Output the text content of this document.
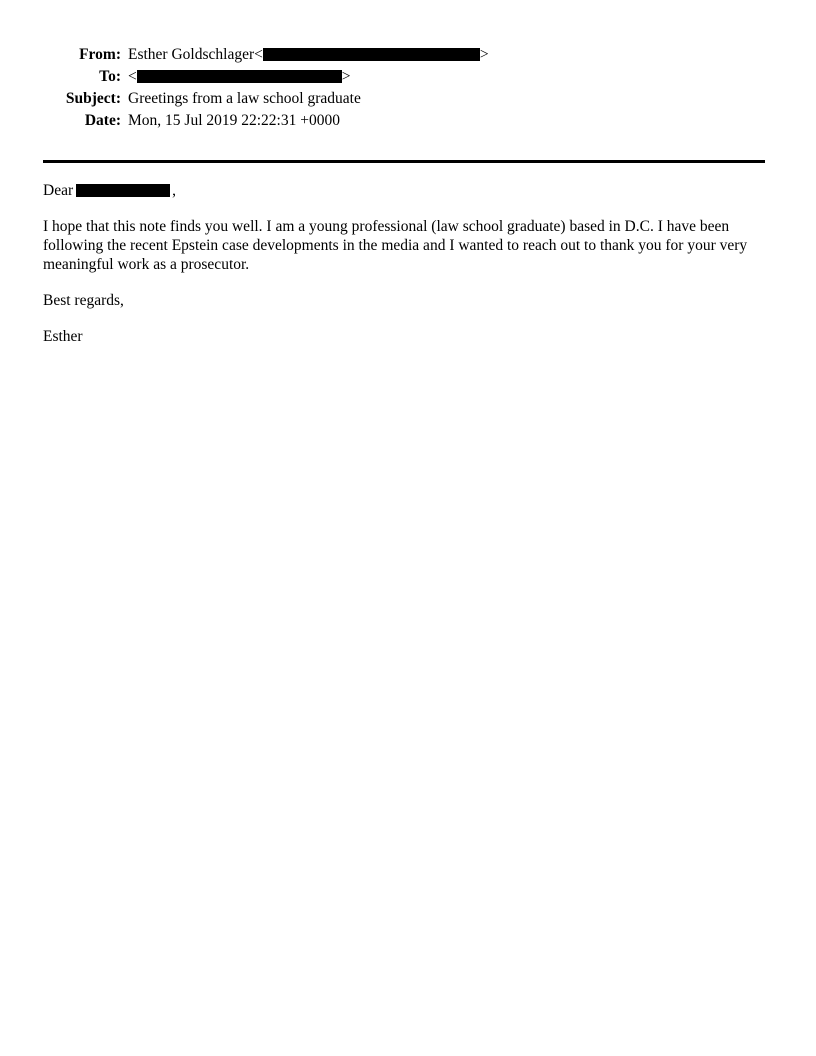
From: Esther Goldschlager <	>
To: <	>
Subject: Greetings from a law school graduate
Date: Mon, 15 Jul 2019 22:22:31 +0000
Dear	,

I hope that this note finds you well. I am a young professional (law school graduate) based in D.C. I have been following the recent Epstein case developments in the media and I wanted to reach out to thank you for your very meaningful work as a prosecutor.

Best regards,

Esther
